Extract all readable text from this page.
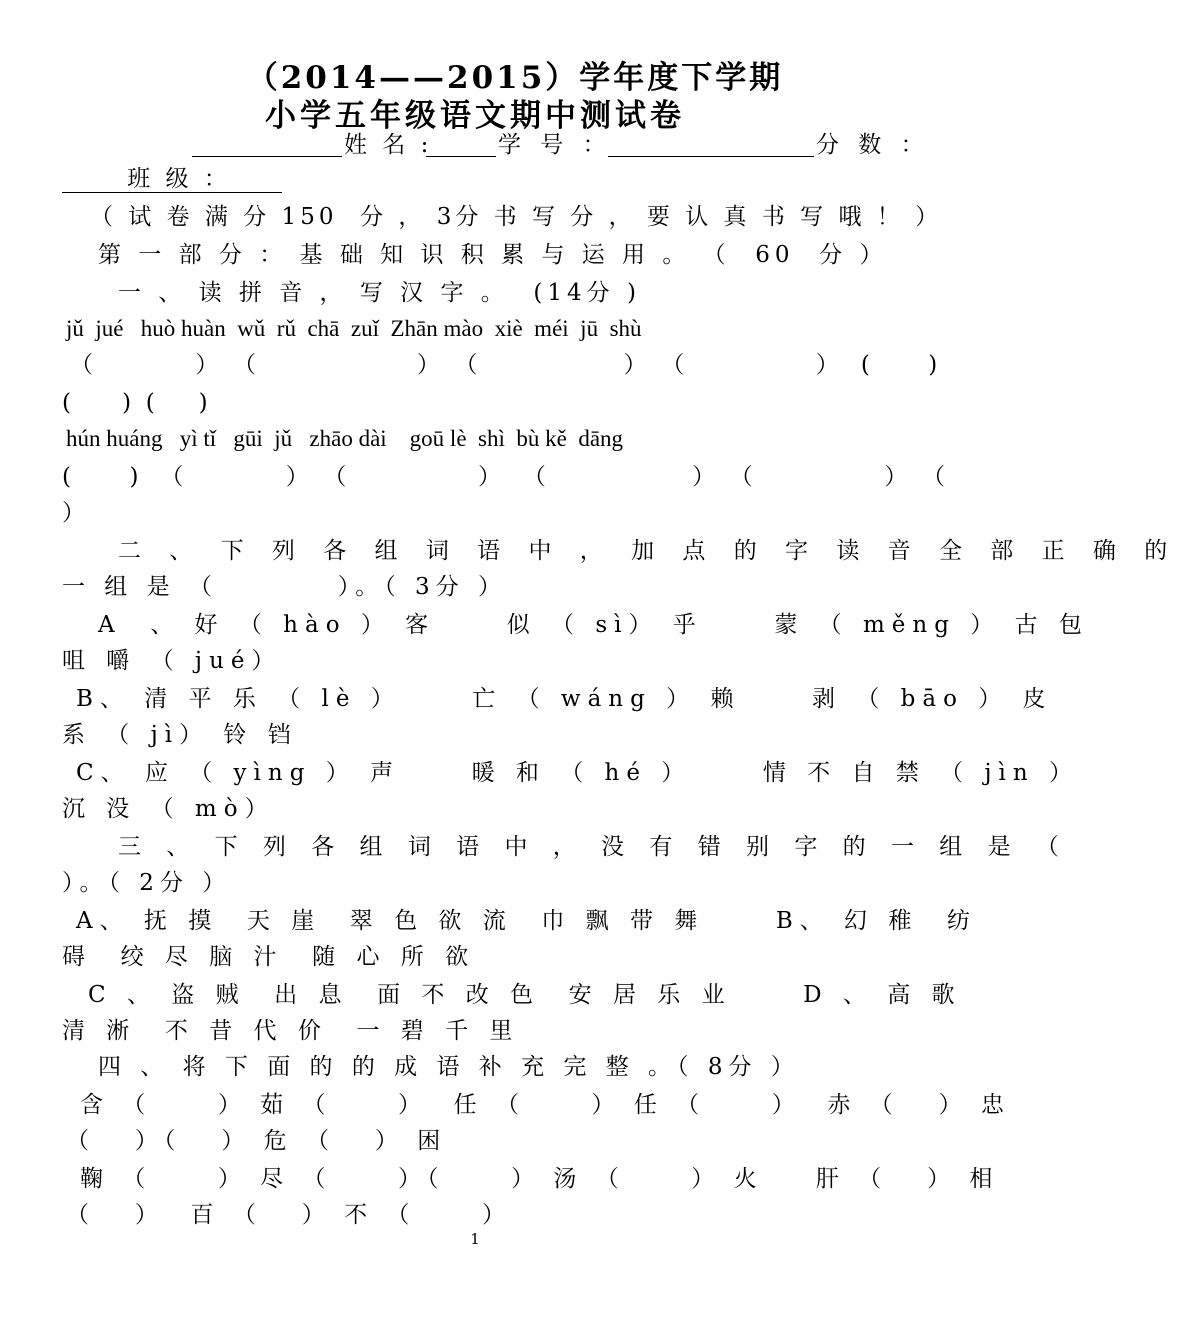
（2014——2015）学年度下学期
小学五年级语文期中测试卷

班 级 ：

姓 名 :	学 号 ：	分 数 ：
（ 试 卷 满 分 150  分 ， 3分 书 写 分 ， 要 认 真 书 写 哦 ！ ）
第 一 部 分 ： 基 础 知 识 积 累 与 运 用 。 （  60  分 ）
一 、 读 拼 音 ， 写 汉 字 。  (14分 )
jǔ  jué   huò huàn  wǔ  rǔ  chā  zuǐ  Zhān mào  xiè  méi  jū  shù
（              ）  （                      ）  （                    ）  （                  ）   (        )
(       )  (      )
hún huáng   yì tǐ   gūi  jǔ   zhāo dài    goū lè  shì  bù kě  dāng
(        )   （              ）  （                  ）   （                    ）  （                  ）  （
）
二 、 下 列 各 组 词 语 中 ， 加 点 的 字 读 音 全 部 正 确 的
一 组 是 （         ）。（ 3分 ）
A  、 好 （ hào ） 客     似 （ sì） 乎     蒙 （ měng ） 古 包
咀 嚼 （ jué）
B、 清 平 乐 （ lè ）     亡 （ wáng ） 赖     剥 （ bāo ） 皮
系 （ jì） 铃 铛
C、 应 （ yìng ） 声     暖 和 （ hé ）     情 不 自 禁 （ jìn ）
沉 没 （ mò）
三 、 下 列 各 组 词 语 中 ， 没 有 错 别 字 的 一 组 是 （
）。（ 2分 ）
A、 抚 摸  天 崖  翠 色 欲 流  巾 飘 带 舞     B、 幻 稚  纺
碍  绞 尽 脑 汁  随 心 所 欲
C 、 盗 贼  出 息  面 不 改 色  安 居 乐 业     D 、 高 歌
清 淅  不 昔 代 价  一 碧 千 里
四 、 将 下 面 的 的 成 语 补 充 完 整 。（ 8分 ）
含 （     ） 茹 （     ）  任 （     ） 任 （     ）  赤 （   ） 忠
（   ）（   ） 危 （   ） 困
鞠 （     ） 尽 （     ）（     ） 汤 （     ） 火    肝 （   ） 相
（   ）  百 （   ） 不 （     ）
1
